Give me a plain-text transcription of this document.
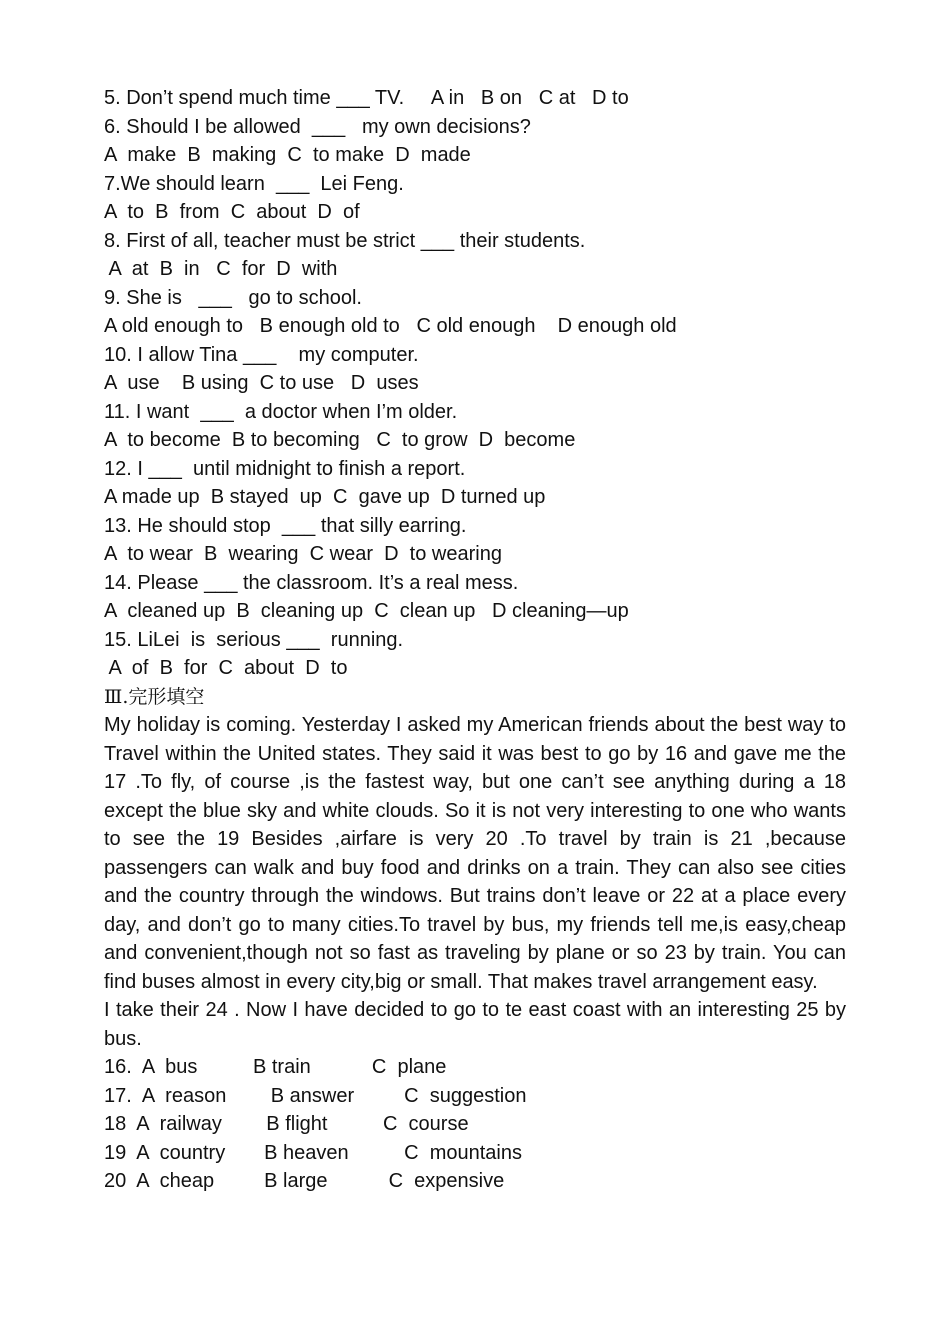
5. Don’t spend much time ___ TV.     A in   B on   C at   D to
6. Should I be allowed  ___   my own decisions?
A  make  B  making  C  to make  D  made
7.We should learn  ___  Lei Feng.
A  to  B  from  C  about  D  of
8. First of all, teacher must be strict ___ their students.
A  at  B  in   C  for  D  with
9. She is   ___   go to school.
A old enough to   B enough old to   C old enough    D enough old
10. I allow Tina ___    my computer.
A  use    B using  C to use   D  uses
11. I want  ___  a doctor when I’m older.
A  to become  B to becoming   C  to grow  D  become
12. I ___  until midnight to finish a report.
A made up  B stayed  up  C  gave up  D turned up
13. He should stop  ___ that silly earring.
A  to wear  B  wearing  C wear  D  to wearing
14. Please ___ the classroom. It’s a real mess.
A  cleaned up  B  cleaning up  C  clean up   D cleaning—up
15. LiLei  is  serious ___  running.
A  of  B  for  C  about  D  to
Ⅲ.完形填空

My holiday is coming. Yesterday I asked my American friends about the best way to Travel within the United states. They said it was best to go by 16 and gave me the 17 .To fly, of course ,is the fastest way, but one can’t see anything during a 18 except the blue sky and white clouds. So it is not very interesting to one who wants to see the 19 Besides ,airfare is very 20 .To travel by train is 21 ,because passengers can walk and buy food and drinks on a train. They can also see cities and the country through the windows. But trains don’t leave or 22 at a place every day, and don’t go to many cities.To travel by bus, my friends tell me,is easy,cheap and convenient,though not so fast as traveling by plane or so 23 by train. You can find buses almost in every city,big or small. That makes travel arrangement easy.

I take their 24 . Now I have decided to go to te east coast with an interesting 25 by bus.

16.  A  bus          B train           C  plane
17.  A  reason        B answer         C  suggestion
18  A  railway        B flight          C  course
19  A  country       B heaven          C  mountains
20  A  cheap         B large           C  expensive
